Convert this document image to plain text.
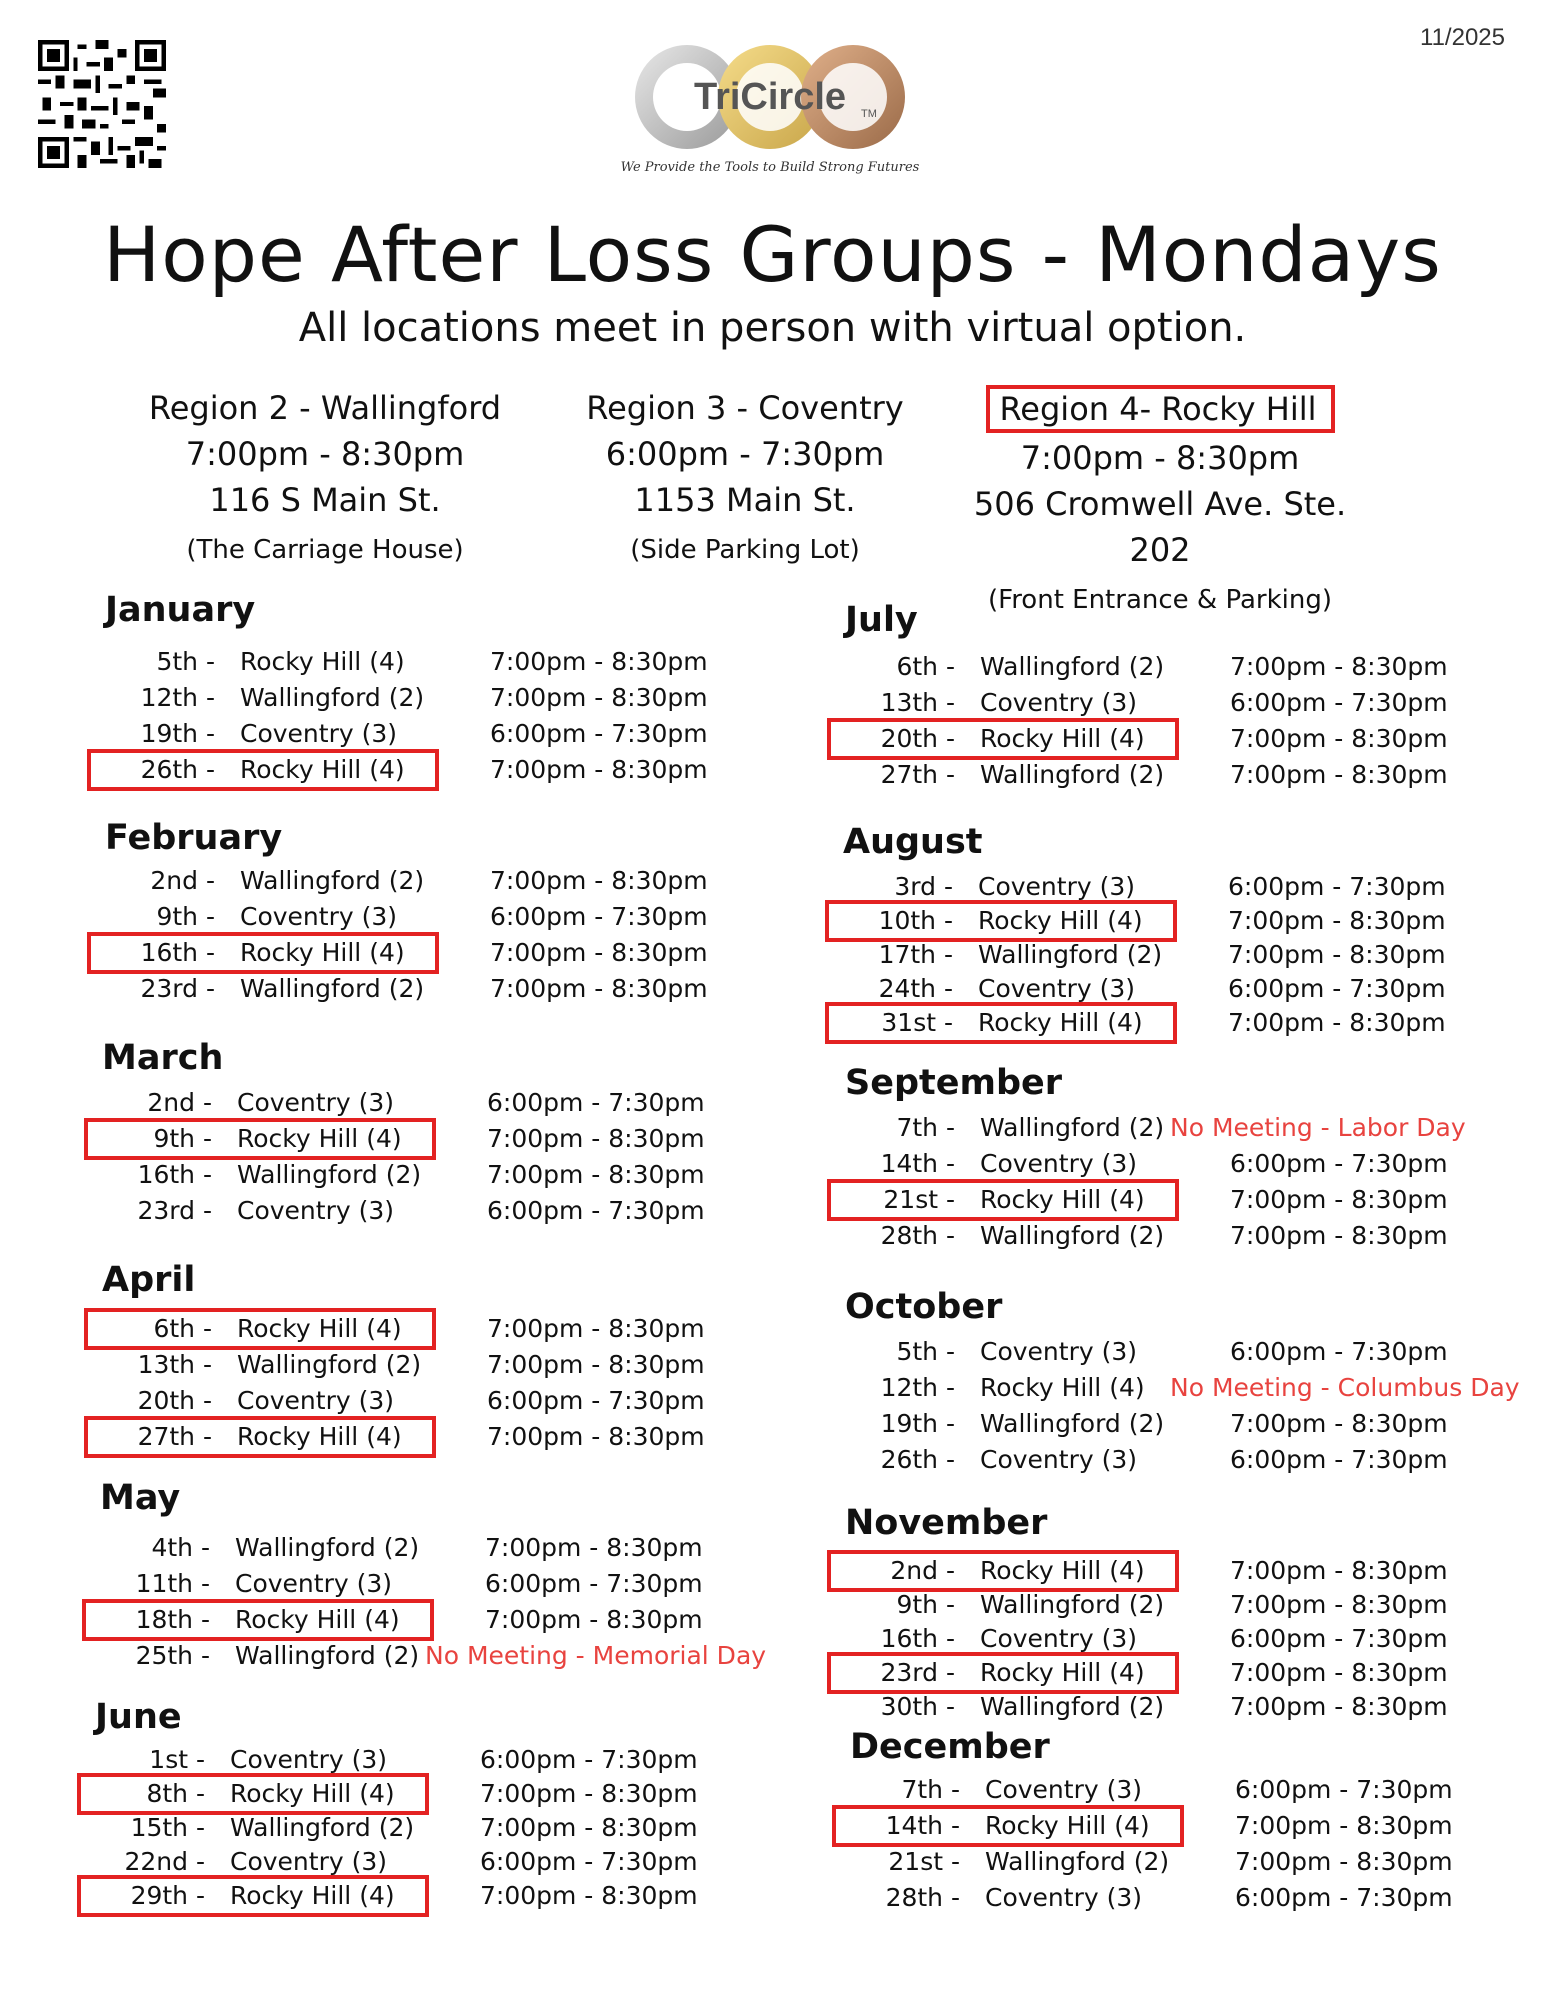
11/2025
TriCircle TM
We Provide the Tools to Build Strong Futures
Hope After Loss Groups - Mondays
All locations meet in person with virtual option.
Region 2 - Wallingford
7:00pm - 8:30pm
116 S Main St.
(The Carriage House)
Region 3 - Coventry
6:00pm - 7:30pm
1153 Main St.
(Side Parking Lot)
Region 4- Rocky Hill
7:00pm - 8:30pm
506 Cromwell Ave. Ste. 202
(Front Entrance & Parking)
January
5th - Rocky Hill (4)	7:00pm - 8:30pm
12th - Wallingford (2)	7:00pm - 8:30pm
19th - Coventry (3)	6:00pm - 7:30pm
26th - Rocky Hill (4)	7:00pm - 8:30pm
February
2nd - Wallingford (2)	7:00pm - 8:30pm
9th - Coventry (3)	6:00pm - 7:30pm
16th - Rocky Hill (4)	7:00pm - 8:30pm
23rd - Wallingford (2)	7:00pm - 8:30pm
March
2nd - Coventry (3)	6:00pm - 7:30pm
9th - Rocky Hill (4)	7:00pm - 8:30pm
16th - Wallingford (2)	7:00pm - 8:30pm
23rd - Coventry (3)	6:00pm - 7:30pm
April
6th - Rocky Hill (4)	7:00pm - 8:30pm
13th - Wallingford (2)	7:00pm - 8:30pm
20th - Coventry (3)	6:00pm - 7:30pm
27th - Rocky Hill (4)	7:00pm - 8:30pm
May
4th - Wallingford (2)	7:00pm - 8:30pm
11th - Coventry (3)	6:00pm - 7:30pm
18th - Rocky Hill (4)	7:00pm - 8:30pm
25th - Wallingford (2) No Meeting - Memorial Day
June
1st - Coventry (3)	6:00pm - 7:30pm
8th - Rocky Hill (4)	7:00pm - 8:30pm
15th - Wallingford (2)	7:00pm - 8:30pm
22nd - Coventry (3)	6:00pm - 7:30pm
29th - Rocky Hill (4)	7:00pm - 8:30pm
July
6th - Wallingford (2)	7:00pm - 8:30pm
13th - Coventry (3)	6:00pm - 7:30pm
20th - Rocky Hill (4)	7:00pm - 8:30pm
27th - Wallingford (2)	7:00pm - 8:30pm
August
3rd - Coventry (3)	6:00pm - 7:30pm
10th - Rocky Hill (4)	7:00pm - 8:30pm
17th - Wallingford (2)	7:00pm - 8:30pm
24th - Coventry (3)	6:00pm - 7:30pm
31st - Rocky Hill (4)	7:00pm - 8:30pm
September
7th - Wallingford (2) No Meeting - Labor Day
14th - Coventry (3)	6:00pm - 7:30pm
21st - Rocky Hill (4)	7:00pm - 8:30pm
28th - Wallingford (2)	7:00pm - 8:30pm
October
5th - Coventry (3)	6:00pm - 7:30pm
12th - Rocky Hill (4) No Meeting - Columbus Day
19th - Wallingford (2)	7:00pm - 8:30pm
26th - Coventry (3)	6:00pm - 7:30pm
November
2nd - Rocky Hill (4)	7:00pm - 8:30pm
9th - Wallingford (2)	7:00pm - 8:30pm
16th - Coventry (3)	6:00pm - 7:30pm
23rd - Rocky Hill (4)	7:00pm - 8:30pm
30th - Wallingford (2)	7:00pm - 8:30pm
December
7th - Coventry (3)	6:00pm - 7:30pm
14th - Rocky Hill (4)	7:00pm - 8:30pm
21st - Wallingford (2)	7:00pm - 8:30pm
28th - Coventry (3)	6:00pm - 7:30pm
